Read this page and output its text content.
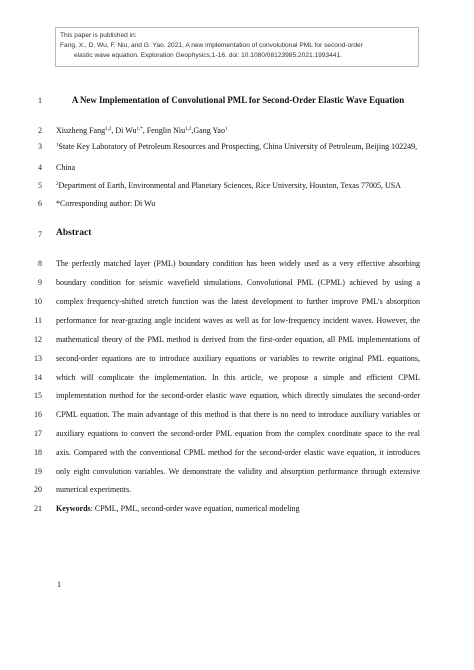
This paper is published in:
Fang, X., D. Wu, F. Niu, and G. Yao. 2021, A new implementation of convolutional PML for second-order
elastic wave equation. Exploration Geophysics,1-16. doi: 10.1080/08123985.2021.1993441.
1	A New Implementation of Convolutional PML for Second-Order Elastic Wave Equation
2 Xiuzheng Fang$^{1,2}$, Di $Wu^{1,*}$, Fenglin Niu$^{1,2}$,Gang Yao$^1$
3	$^1$State Key Laboratory of Petroleum Resources and Prospecting, China University of Petroleum, Beijing 102249,
4 China
5	$^2$Department of Earth, Environmental and Planetary Sciences, Rice University, Houston, Texas 77005, USA
6 *Corresponding author: Di Wu
7 Abstract
8 The perfectly matched layer (PML) boundary condition has been widely used as a very effective absorbing
9 boundary condition for seismic wavefield simulations. Convolutional PML (CPML) achieved by using a
10 complex frequency-shifted stretch function was the latest development to further improve PML’s absorption
11 performance for near-grazing angle incident waves as well as for low-frequency incident waves. However, the
12 mathematical theory of the PML method is derived from the first-order equation, all PML implementations of
13 second-order equations are to introduce auxiliary equations or variables to rewrite original PML equations,
14 which will complicate the implementation. In this article, we propose a simple and efficient CPML
15 implementation method for the second-order elastic wave equation, which directly simulates the second-order
16 CPML equation. The main advantage of this method is that there is no need to introduce auxiliary variables or
17 auxiliary equations to convert the second-order PML equation from the complex coordinate space to the real
18 axis. Compared with the conventional CPML method for the second-order elastic wave equation, it introduces
19 only eight convolution variables. We demonstrate the validity and absorption performance through extensive
20 numerical experiments.
21 Keywords: CPML, PML, second-order wave equation, numerical modeling
1
